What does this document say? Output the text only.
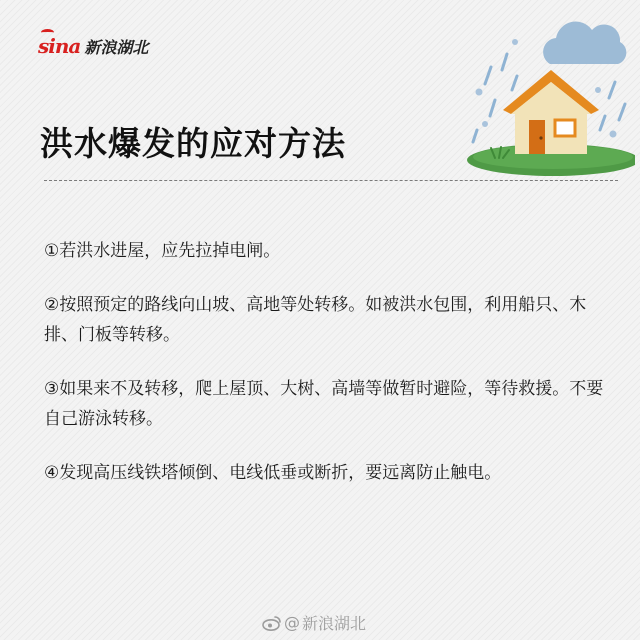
sina 新浪湖北
洪水爆发的应对方法

①若洪水进屋，应先拉掉电闸。

②按照预定的路线向山坡、高地等处转移。如被洪水包围，利用船只、木排、门板等转移。

③如果来不及转移，爬上屋顶、大树、高墙等做暂时避险，等待救援。不要自己游泳转移。

④发现高压线铁塔倾倒、电线低垂或断折，要远离防止触电。

@ 新浪湖北
